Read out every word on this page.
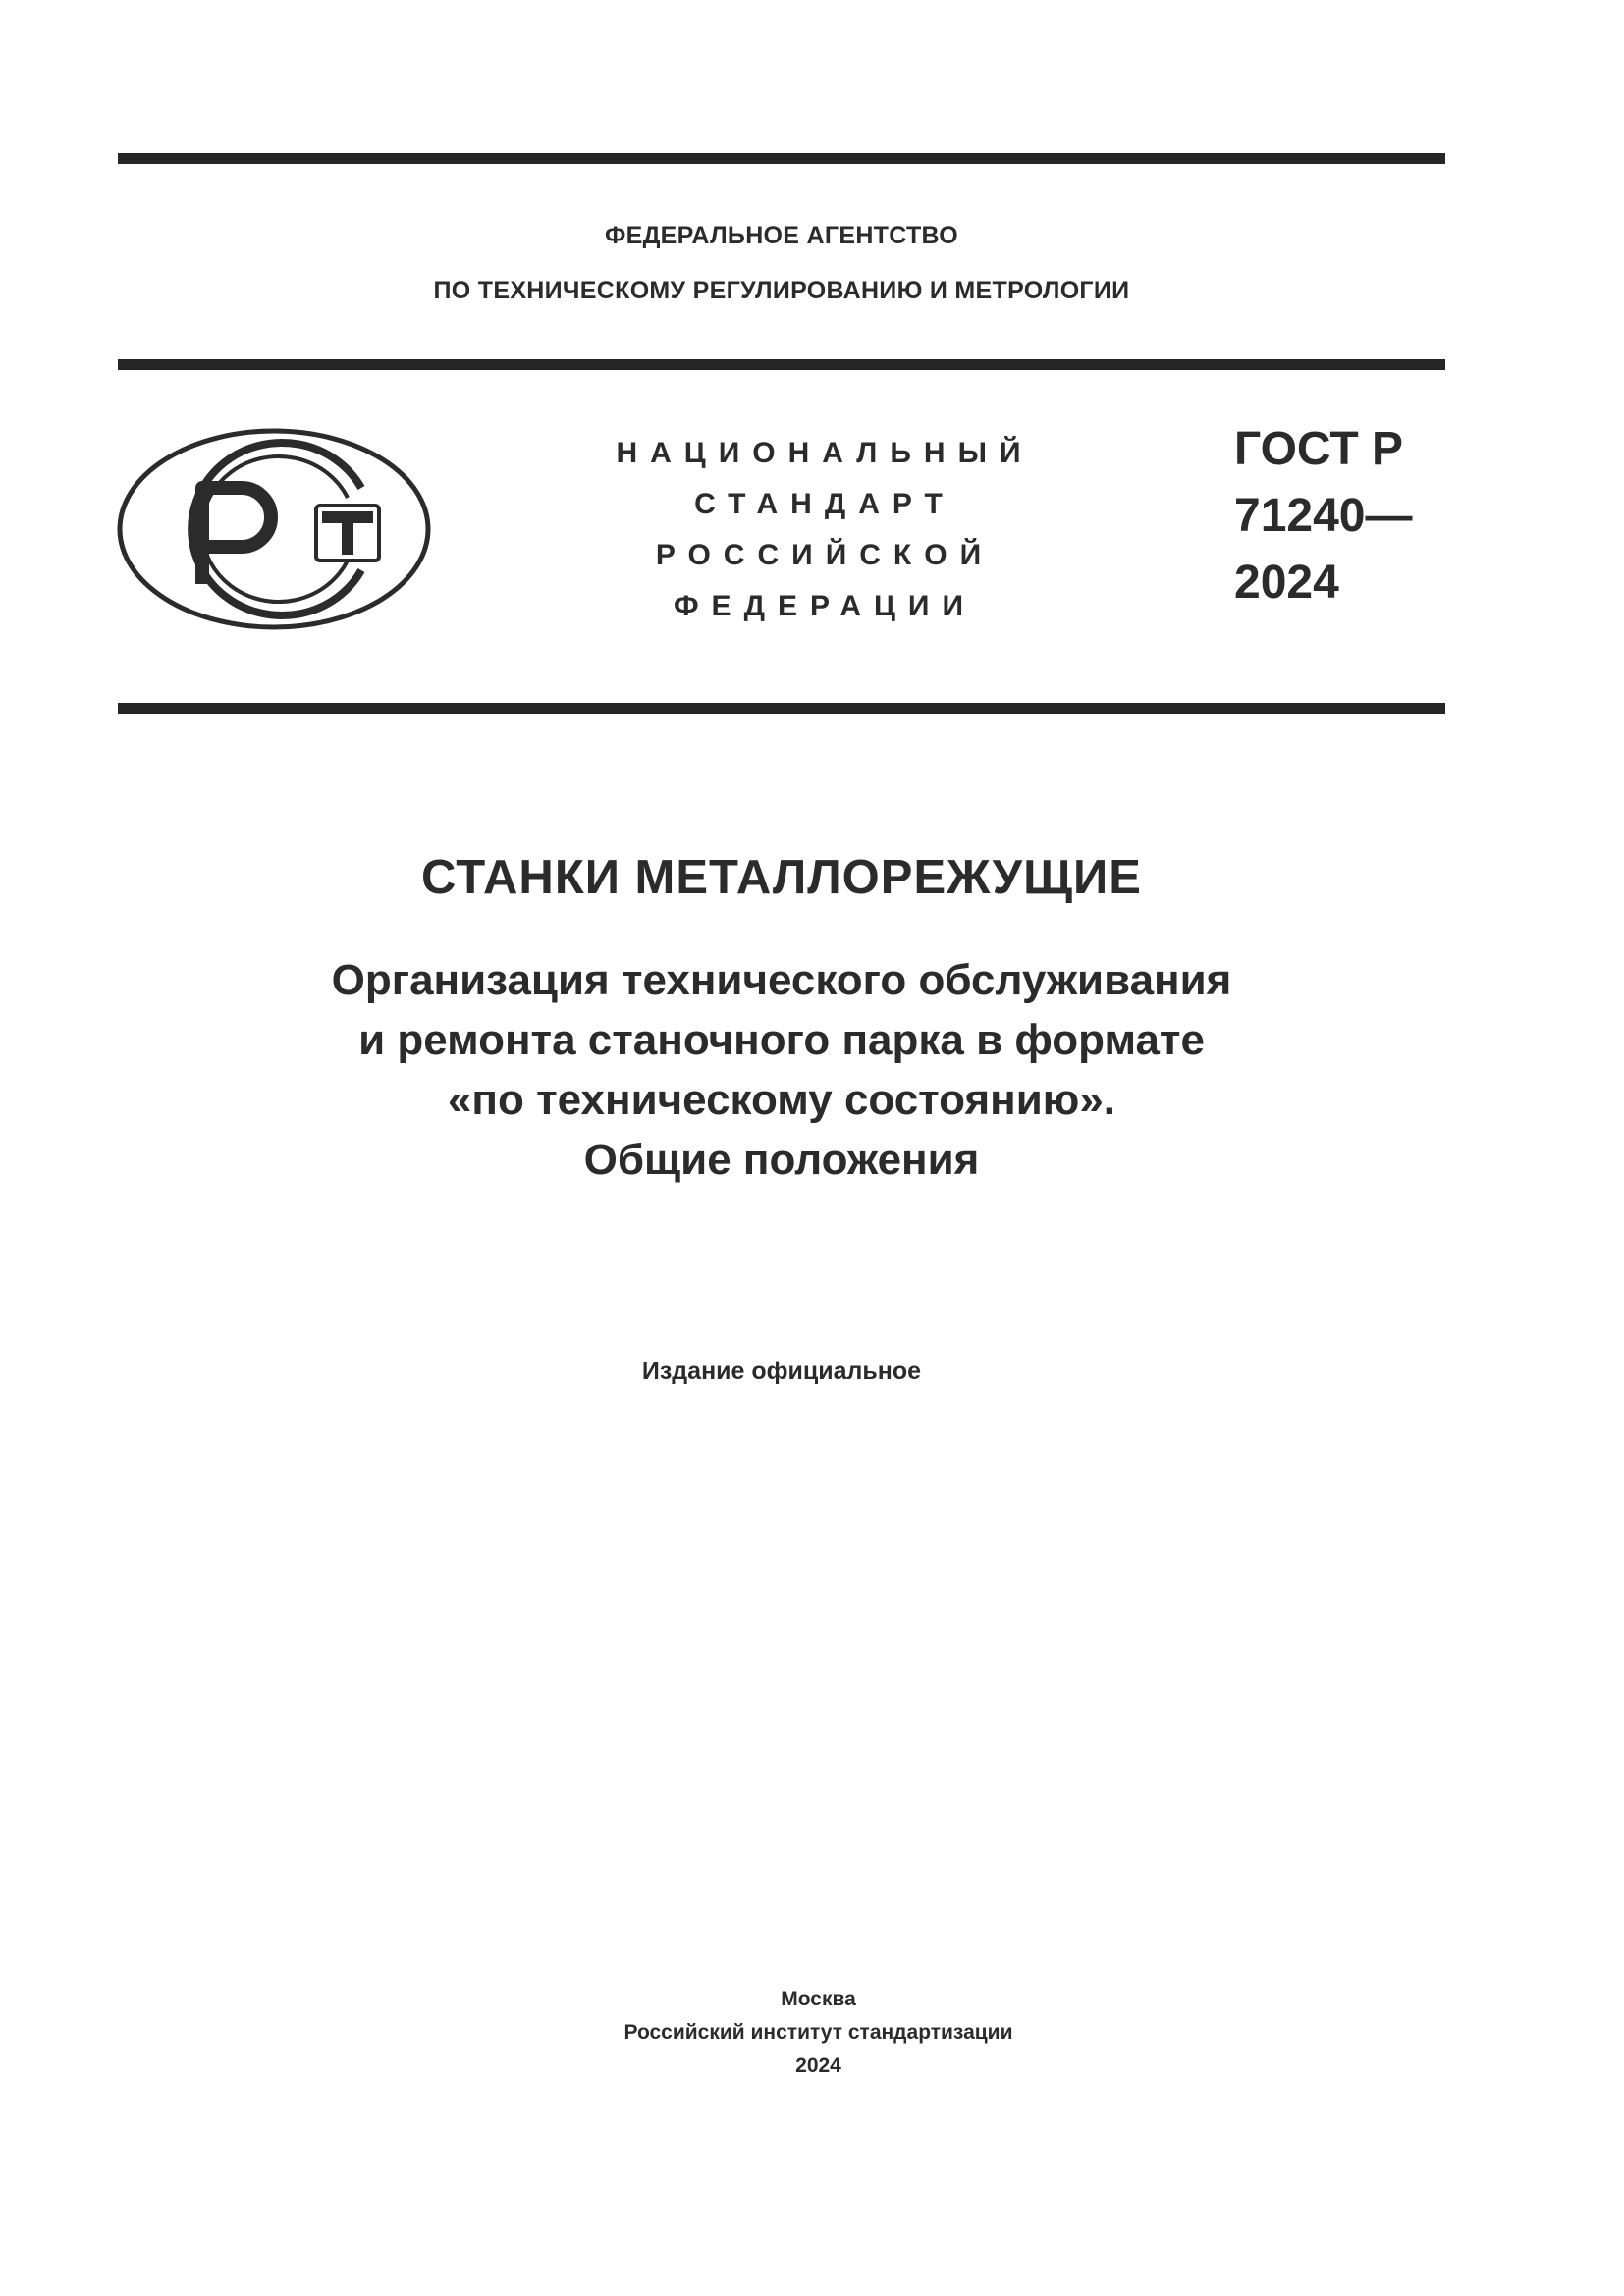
ФЕДЕРАЛЬНОЕ АГЕНТСТВО
ПО ТЕХНИЧЕСКОМУ РЕГУЛИРОВАНИЮ И МЕТРОЛОГИИ
НАЦИОНАЛЬНЫЙ
СТАНДАРТ
РОССИЙСКОЙ
ФЕДЕРАЦИИ
ГОСТ Р
71240—
2024
СТАНКИ МЕТАЛЛОРЕЖУЩИЕ
Организация технического обслуживания
и ремонта станочного парка в формате
«по техническому состоянию».
Общие положения
Издание официальное
Москва
Российский институт стандартизации
2024
